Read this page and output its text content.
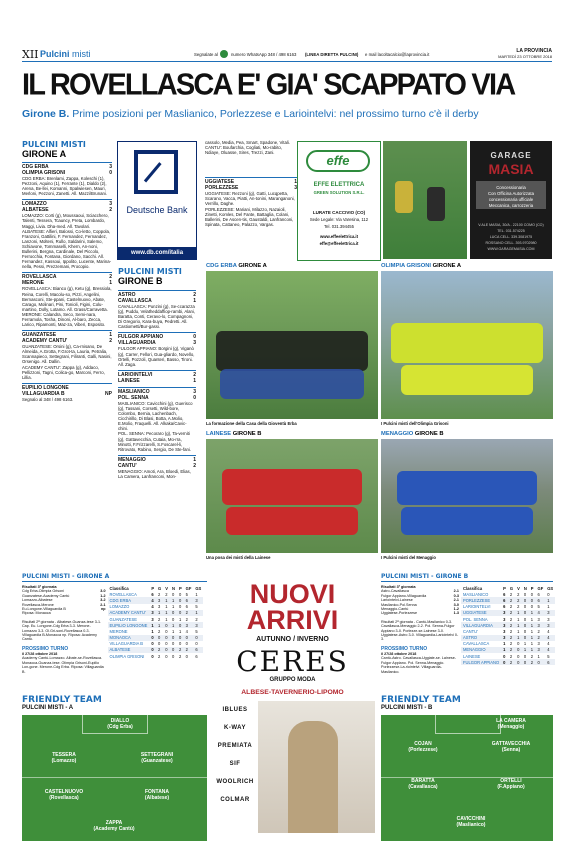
XII Pulcini misti	Segnalate al	numero WhatsApp 348 / 498 6163 (LINEA DIRETTA PULCINI) e mail lacoltacalcio@laprovincia.it
LA PROVINCIA
MARTEDÌ 23 OTTOBRE 2018
IL ROVELLASCA E' GIA' SCAPPATO VIA
Girone B. Prime posizioni per Maslianico, Porlezzese e Lariointelvi: nel prossimo turno c'è il derby
PULCINI MISTI
GIRONE A
CDG ERBA	3
OLIMPIA GRISONI	0
CDG ERBA: Brenlami, Zappa, Koleschi (1), Pezzoni, Aquino (1), Ferrante (1), Dialdo (2), Arena, Be-llei, Komanni, Spalwiesen, Mauri, Merloni, Pezzoni, Zanetti. All. Mazzi/Brunani.
LOMAZZO	3
ALBATESE	2
LOMAZZO: Corti (g), Moussaoui, Sciacchero, Talenti, Tessera, Tcauncy, Preta, Lombardo, Maggi, Livia. Dha-med. All. Tavolari.
ALBATESE: Alfieri, Balossi, Co-letto, Coppola, Franzoni, Gattilini, F. Fernandez, Fernandez, Lanzoni, Molteni, Rullo, Saldarini, Salemo, Schiavone, Tommaselli, Khern, An-noni, Bullerini, Bergna, Cardinale, Del Piccolo, Ferrocchia, Fontana, Giordano, Sacchi. All. Fernandez, Kassoui, Ippolito, Lucente, Marina-nella, Pessi, Prezzemani, Procopio.
ROVELLASCA	2
MERONE	1
ROVELLASCA: Bianco (g), Ketu (g), Bressiola, Reina, Corelli, Macolu-so, Pizzi, Angelini, Bernasconi, Ste-ppani, Castelnuovo, Abate, Carago, Molinari, Pini, Tonioli, Figini, Colu-martino, Dolly, Lotamo. All. Grass/Carravetta.
MERONE: Calandra, Seco, Semi-nara, Ferramola, Tosha, Dinoni, Al-baro, Zecca, Larico, Ripamonti, Maz-za, Viberi, Esposito.
GUANZATESE	1
ACADEMY CANTU'	2
GUANZATESE: Orsini (g), Ca-rnisano, De Almeida, A.Grotta, F.Grot-ta, Lauria, Petralia, Scannapieco, Settegrani, Filiranti, Galli, Nasini, Orsenigo. All. Dallin.
ACADEMY CANTU': Zappa (g), Addaco, Pellizzoni, Tagni, Colica-go, Marconi, Ferro, Lillia.
EUPILIO LONGONE
VILLAGUARDIA B	NP
Segnalo al 348 / 498 6163.
Deutsche Bank
www.db.com/italia
PULCINI MISTI
GIRONE B
ASTRO	2
CAVALLASCA	1
CAVALLASCA: Punzini (g), Se-ccarazza (g), Puddu, Velatheddaffiop-rambi, Alani, Baratta, Conti, Ceravo-lo, Compagnoni, Di Gregorio, Kara-buya, Pedretti. All. Castiometti/Bur-gassi.
FULGOR APPIANO	0
VILLAGUARDIA	3
FULGOR APPIANO: Borgini (g), Viganò (g), Carrer, Fellori, Gua-gliardo, Novello, Ortelli, Pozzoli, Quanteri, Basso, Tironi. All. Zaga.
LARIOINTELVI	2
LAINESE	1
MASLIANICO	3
POL. SENNA	0
MASLIANICO: Cavicchini (g), Guerisco (g), Tassani, Corsetti, Wild-bore, Colombo, Bernia, Lachenbach, Cicchirillo, Di Blasi, Botta, A.Molio, E.Molio, Fraquelli. All. Alkaka/Cavic-chini.
POL. SENNA: Pecoraro (g), Ta-verniti (g), Gattavecchia, Cutaia, Mo-rra, Minotti, F.Frizzarelli, S.Foscarel-li, Ritrovato, Rabino, Sergio, De Ste-fani.
MENAGGIO	1
CANTU'	2
MENAGGIO: Amoti, Ara, Bloedi, Elias, La Camera, Lanfranconi, Mon-
cassolo, Media, Pea, Smart, Spadone, Vitali.
CANTU': Boufarchia, Cogliati, Mo-rabito, Ndiaye, Oluasse, Sires, Trezzi, Zani.
UGGIATESE	1
PORLEZZESE	3
UGGIATESE: Rezzoni (g), Gatti, Lucqpetta, Scarano, Vacca, Piatti, An-tonini, Maranganoni, Verrillo, Daghe.
PORLEZZESE: Mariani, Milazzo, Nazaioli, Zinetti, Komles, Del Fante, Battaglia, Colani, Ballerini, De Ascen-tis, Gaustaldi, Lanfranconi, Spinata, Cattaneo, Palazzo, Vargas.
effe
EFFE ELETTRICA
GREEN SOLUTION S.R.L.
LURATE CACCIVIO (CO)
Sede Legale: Via Varesina, 112
Tel. 031.394455
www.effeelettrica.it
effe@effeelettrica.it
GARAGE
MASIA
Concessionaria
Con Officina Autorizzata
concessionaria ufficiale
Meccanica, carrozzeria
V.ALE MASIA, 30/A - 22100 COMO (CO)
TEL. 031.574225
LUCA CELL. 339.3081975
ROSSANO CELL. 393.9702980
WWW.GARAGEMASIA.COM
CDG ERBA GIRONE A
La formazione della Casa della Gioventù Erba
OLIMPIA GRISONI GIRONE A
I Pulcini misti dell'Olimpia Grisoni
LAINESE GIRONE B
Una posa dei misti della Lainese
MENAGGIO GIRONE B
I Pulcini misti del Menaggio
PULCINI MISTI - GIRONE A
Risultati 3ª giornata
Cdg Erba-Olimpia Grisoni	3-0
Guanzatese-Academy Cantù	1-2
Lomazzo-Albatese	3-2
Rovellasca-Merone	2-1
Eu.Longone-Villaguardia B	np
Riposa: Monaoca
Risultati 2ª giornata - Albatese-Guanza-tese 3-1. Cap. Eu. Longone-Cdg Erba 3-3. Merone-Lomazzo 3-3. Ol.Gri-soni-Rovellasca 0-3. Villaguardia B-Monaoca np. Riposa: Academy Cantù.
PROSSIMO TURNO
il 27/28 ottobre 2018
Academy Cantù-Lomazzo. Albate-se-Rovellasca. Monaoca-Guanza-tese. Olimpia Grisoni-Eupilio Lon-gone. Merone-Cdg Erba. Riposa: Villaguardia B.
Classifica	P	G	V	N	P	GF	GS
ROVELLASCA	6	2	2	0	0	5	1
CDG ERBA	4	3	1	1	0	6	3
LOMAZZO	4	3	1	1	0	6	5
ACADEMY CANTU'	3	1	1	0	0	2	1
GUANZATESE	3	2	1	0	1	2	2
EUPILIO LONGONE	1	1	0	1	0	3	3
MERONE	1	2	0	1	1	4	5
MONAOCA	0	0	0	0	0	0	0
VILLAGUARDIA B	0	0	0	0	0	0	0
ALBATESE	0	2	0	0	2	2	6
OLIMPIA GRISONI	0	2	0	0	2	0	6
PULCINI MISTI - GIRONE B
Risultati 3ª giornata
Astro-Cavallasca	2-1
Fulgor Appiano-Villaguardia	0-3
Lariointelvi-Lainese	2-1
Maslianico-Pol.Senna	3-0
Menaggio-Cantù	1-2
Uggiatese-Porlezzese	1-3
Risultati 2ª giornata - Cantù-Maslianico 0-3. Cavallasca-Menaggio 2-2. Pol. Senna-Fulgor Appiano 3-0. Porlezze-se-Lainese 3-0. Uggiatese-Astro 3-0. Villaguardia-Lariointelvi 0-3.
PROSSIMO TURNO
il 27/28 ottobre 2018
Cantù-Astro. Cavallasca-Uggiate-se. Lainese-Fulgor Appiano. Pol. Senna-Menaggio. Porlezzese-La-riointelvi. Villaguardia-Maslianico.
Classifica	P	G	V	N	P	GF	GS
MASLIANICO	6	2	2	0	0	6	0
PORLEZZESE	6	2	2	0	0	6	1
LARIOINTELVI	6	2	2	0	0	5	1
UGGIATESE	3	2	1	0	1	4	3
POL. SENNA	3	2	1	0	1	3	3
VILLAGUARDIA	3	2	1	0	1	3	3
CANTU'	3	2	1	0	1	2	4
ASTRO	3	2	1	0	1	2	4
CAVALLASCA	1	2	0	1	1	3	4
MENAGGIO	1	2	0	1	1	3	4
LAINESE	0	2	0	0	2	1	5
FULGOR APPIANO	0	2	0	0	2	0	6
NUOVI
ARRIVI
AUTUNNO / INVERNO
CERES
GRUPPO MODA
ALBESE-TAVERNERIO-LIPOMO
IBLUES
K-WAY
PREMIATA
SIF
WOOLRICH
COLMAR
FRIENDLY TEAM
PULCINI MISTI - A
DIALLO
(Cdg Erba)
TESSERA
(Lomazzo)
SETTEGRANI
(Guanzatese)
CASTELNUOVO
(Rovellasca)
FONTANA
(Albatese)
ZAPPA
(Academy Cantù)
FRIENDLY TEAM
PULCINI MISTI - B
LA CAMERA
(Menaggio)
COJAN
(Porlezzese)
GATTAVECCHIA
(Senna)
BARATTA
(Cavallasca)
ORTELLI
(F.Appiano)
CAVICCHINI
(Maslianico)
